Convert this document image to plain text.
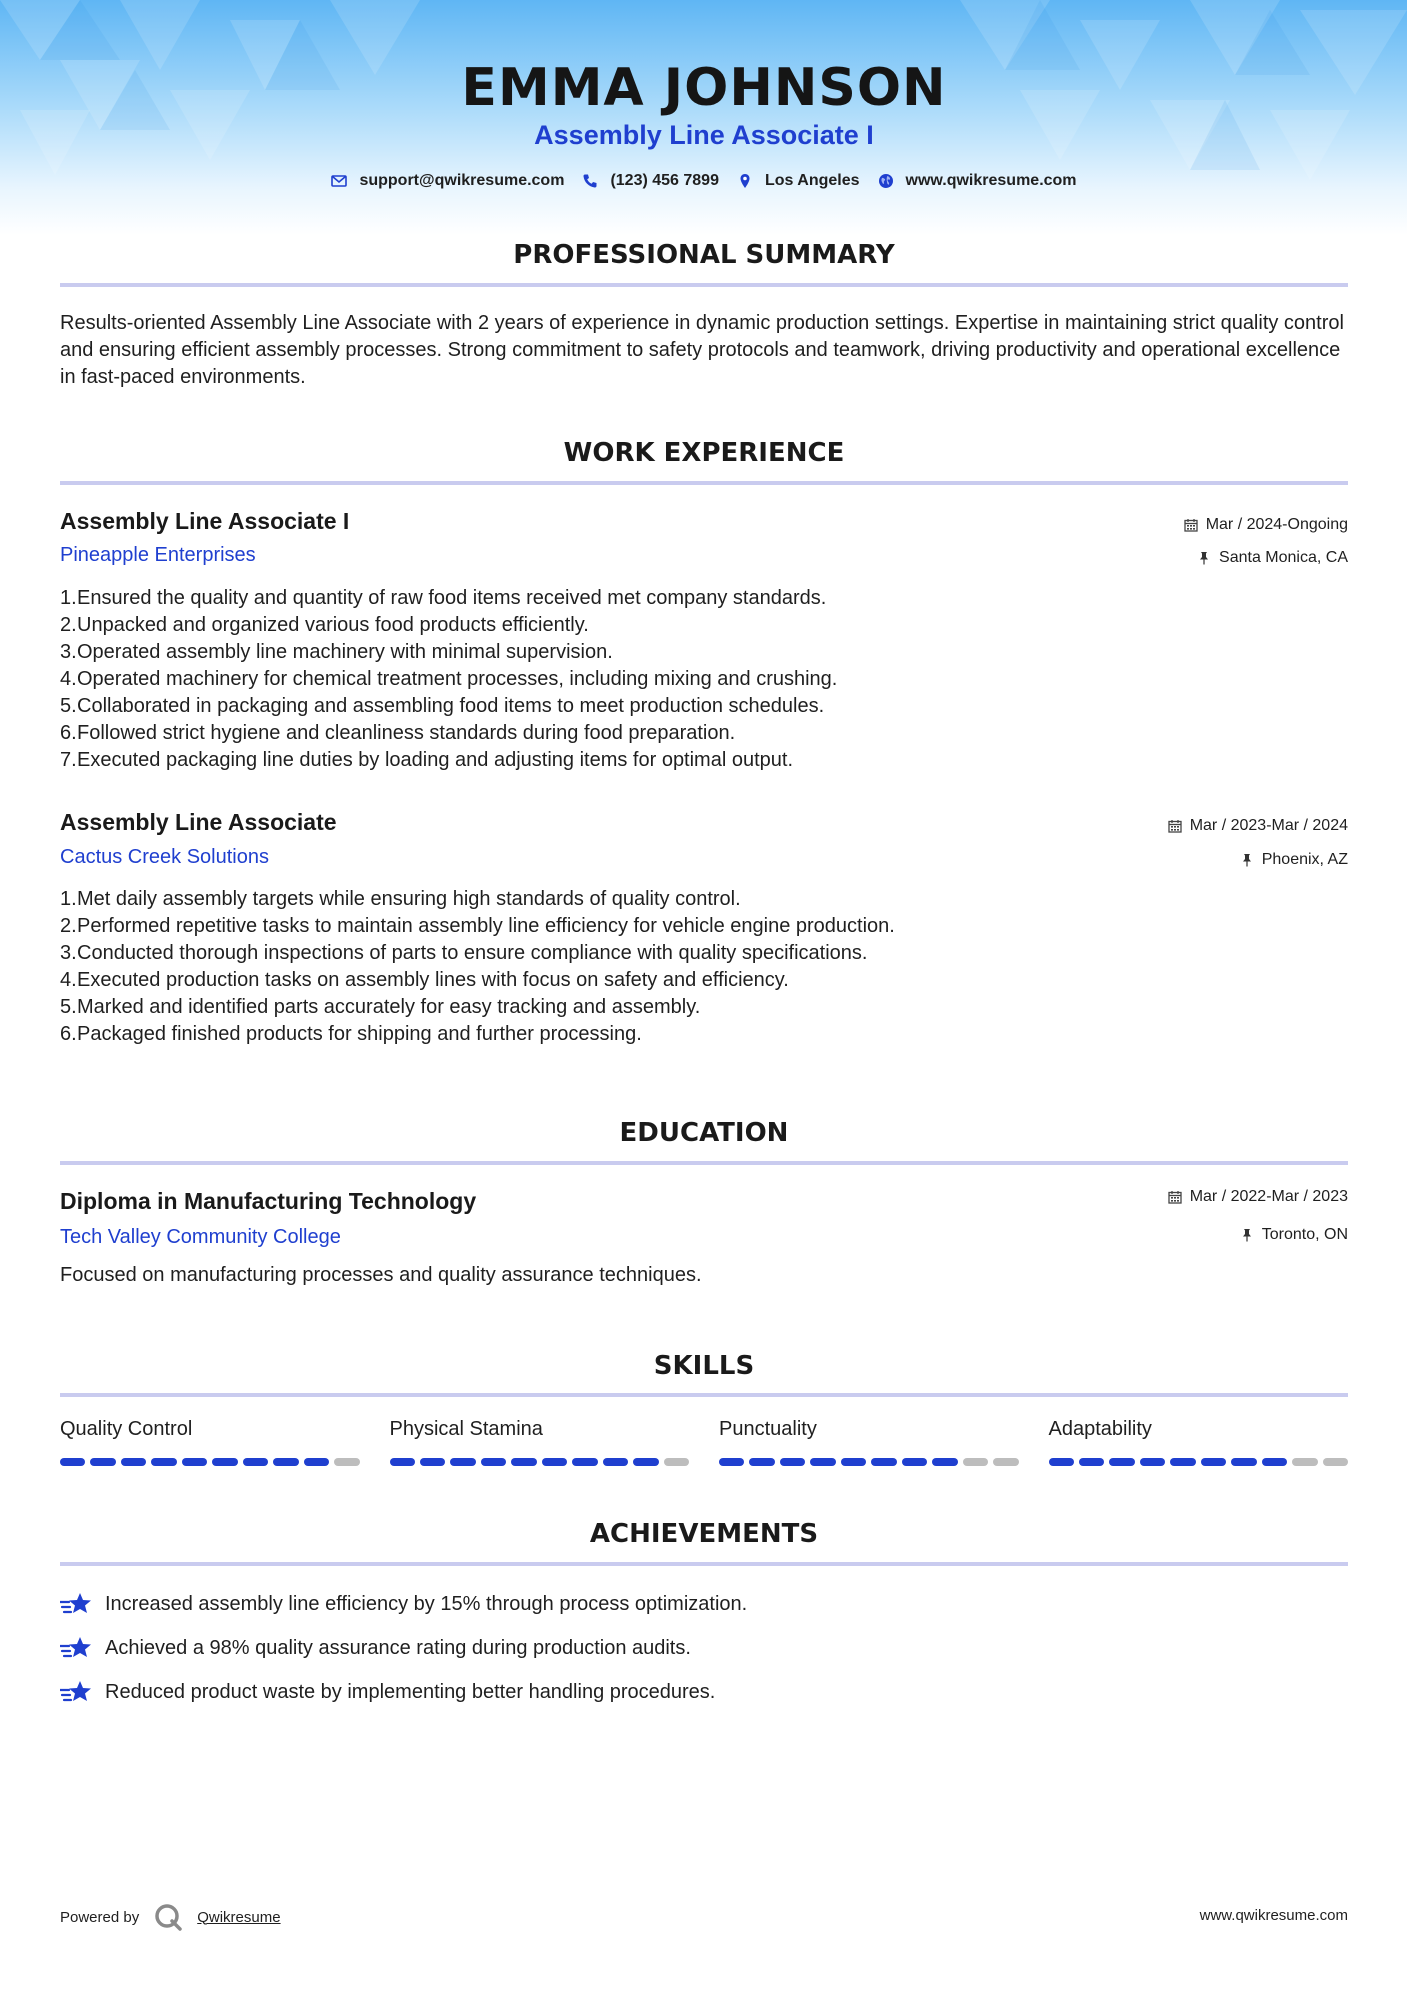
EMMA JOHNSON
Assembly Line Associate I
support@qwikresume.com	(123) 456 7899	Los Angeles	www.qwikresume.com
PROFESSIONAL SUMMARY
Results-oriented Assembly Line Associate with 2 years of experience in dynamic production settings. Expertise in maintaining strict quality control and ensuring efficient assembly processes. Strong commitment to safety protocols and teamwork, driving productivity and operational excellence in fast-paced environments.
WORK EXPERIENCE
Assembly Line Associate I	Mar / 2024-Ongoing
Pineapple Enterprises	Santa Monica, CA
1. Ensured the quality and quantity of raw food items received met company standards.
2. Unpacked and organized various food products efficiently.
3. Operated assembly line machinery with minimal supervision.
4. Operated machinery for chemical treatment processes, including mixing and crushing.
5. Collaborated in packaging and assembling food items to meet production schedules.
6. Followed strict hygiene and cleanliness standards during food preparation.
7. Executed packaging line duties by loading and adjusting items for optimal output.
Assembly Line Associate	Mar / 2023-Mar / 2024
Cactus Creek Solutions	Phoenix, AZ
1. Met daily assembly targets while ensuring high standards of quality control.
2. Performed repetitive tasks to maintain assembly line efficiency for vehicle engine production.
3. Conducted thorough inspections of parts to ensure compliance with quality specifications.
4. Executed production tasks on assembly lines with focus on safety and efficiency.
5. Marked and identified parts accurately for easy tracking and assembly.
6. Packaged finished products for shipping and further processing.
EDUCATION
Diploma in Manufacturing Technology	Mar / 2022-Mar / 2023
Tech Valley Community College	Toronto, ON
Focused on manufacturing processes and quality assurance techniques.
SKILLS
Quality Control	Physical Stamina	Punctuality	Adaptability
ACHIEVEMENTS
Increased assembly line efficiency by 15% through process optimization.
Achieved a 98% quality assurance rating during production audits.
Reduced product waste by implementing better handling procedures.
Powered by	Qwikresume	www.qwikresume.com
